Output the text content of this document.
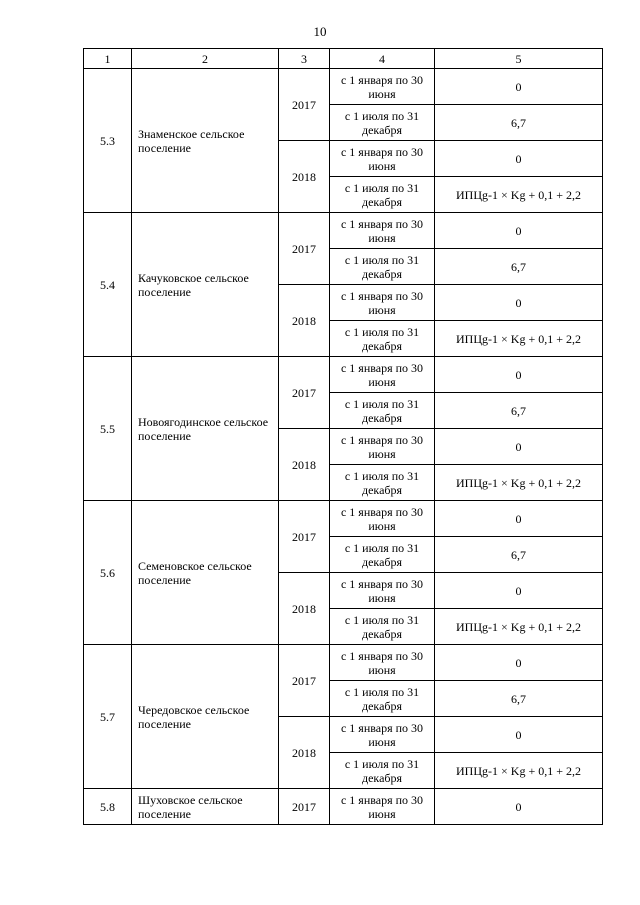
10
1	2	3	4	5
5.3	Знаменское сельское поселение	2017	с 1 января по 30 июня	0
			с 1 июля по 31 декабря	6,7
		2018	с 1 января по 30 июня	0
			с 1 июля по 31 декабря	ИПЦg-1 × Kg + 0,1 + 2,2
5.4	Качуковское сельское поселение	2017	с 1 января по 30 июня	0
			с 1 июля по 31 декабря	6,7
		2018	с 1 января по 30 июня	0
			с 1 июля по 31 декабря	ИПЦg-1 × Kg + 0,1 + 2,2
5.5	Новоягодинское сельское поселение	2017	с 1 января по 30 июня	0
			с 1 июля по 31 декабря	6,7
		2018	с 1 января по 30 июня	0
			с 1 июля по 31 декабря	ИПЦg-1 × Kg + 0,1 + 2,2
5.6	Семеновское сельское поселение	2017	с 1 января по 30 июня	0
			с 1 июля по 31 декабря	6,7
		2018	с 1 января по 30 июня	0
			с 1 июля по 31 декабря	ИПЦg-1 × Kg + 0,1 + 2,2
5.7	Чередовское сельское поселение	2017	с 1 января по 30 июня	0
			с 1 июля по 31 декабря	6,7
		2018	с 1 января по 30 июня	0
			с 1 июля по 31 декабря	ИПЦg-1 × Kg + 0,1 + 2,2
5.8	Шуховское сельское поселение	2017	с 1 января по 30 июня	0
